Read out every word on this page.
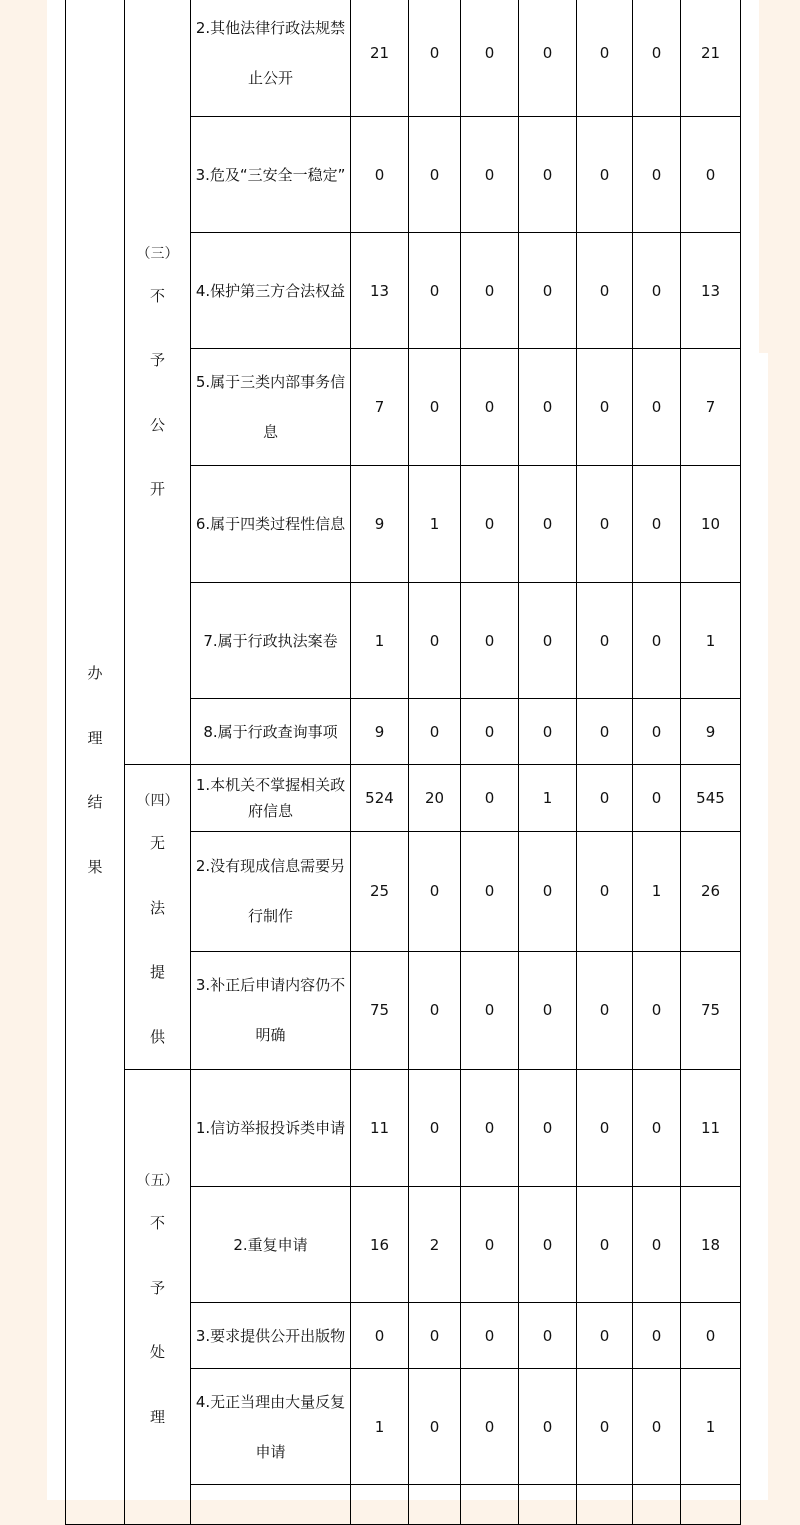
办
理
结
果	（三）
不
予
公
开	2.其他法律行政法规禁止公开	21	0	0	0	0	0	21
		3.危及“三安全一稳定”	0	0	0	0	0	0	0
		4.保护第三方合法权益	13	0	0	0	0	0	13
		5.属于三类内部事务信息	7	0	0	0	0	0	7
		6.属于四类过程性信息	9	1	0	0	0	0	10
		7.属于行政执法案卷	1	0	0	0	0	0	1
		8.属于行政查询事项	9	0	0	0	0	0	9

	（四）
无
法
提
供	1.本机关不掌握相关政府信息	524	20	0	1	0	0	545
		2.没有现成信息需要另行制作	25	0	0	0	0	1	26
		3.补正后申请内容仍不明确	75	0	0	0	0	0	75

	（五）
不
予
处
理	1.信访举报投诉类申请	11	0	0	0	0	0	11
		2.重复申请	16	2	0	0	0	0	18
		3.要求提供公开出版物	0	0	0	0	0	0	0
		4.无正当理由大量反复申请	1	0	0	0	0	0	1
